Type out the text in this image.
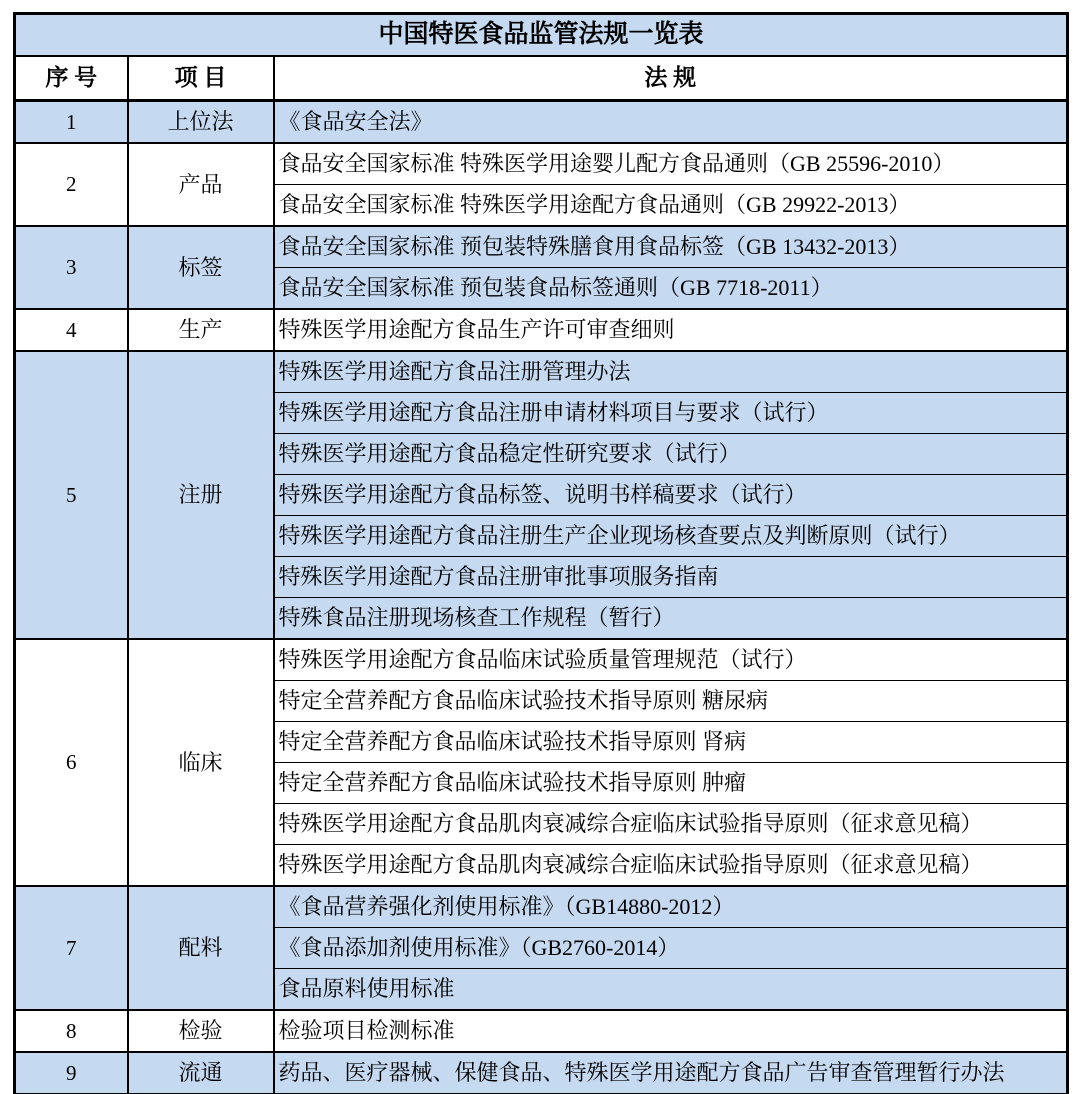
中国特医食品监管法规一览表		
序 号	项 目	法 规
1	上位法	《食品安全法》
2	产品	食品安全国家标准 特殊医学用途婴儿配方食品通则（GB 25596-2010）
		食品安全国家标准 特殊医学用途配方食品通则（GB 29922-2013）
3	标签	食品安全国家标准 预包装特殊膳食用食品标签（GB 13432-2013）
		食品安全国家标准 预包装食品标签通则（GB 7718-2011）
4	生产	特殊医学用途配方食品生产许可审查细则
5	注册	特殊医学用途配方食品注册管理办法
		特殊医学用途配方食品注册申请材料项目与要求（试行）
		特殊医学用途配方食品稳定性研究要求（试行）
		特殊医学用途配方食品标签、说明书样稿要求（试行）
		特殊医学用途配方食品注册生产企业现场核查要点及判断原则（试行）
		特殊医学用途配方食品注册审批事项服务指南
		特殊食品注册现场核查工作规程（暂行）
6	临床	特殊医学用途配方食品临床试验质量管理规范（试行）
		特定全营养配方食品临床试验技术指导原则 糖尿病
		特定全营养配方食品临床试验技术指导原则 肾病
		特定全营养配方食品临床试验技术指导原则 肿瘤
		特殊医学用途配方食品肌肉衰减综合症临床试验指导原则（征求意见稿）
		特殊医学用途配方食品肌肉衰减综合症临床试验指导原则（征求意见稿）
7	配料	《食品营养强化剂使用标准》（GB14880-2012）
		《食品添加剂使用标准》（GB2760-2014）
		食品原料使用标准
8	检验	检验项目检测标准
9	流通	药品、医疗器械、保健食品、特殊医学用途配方食品广告审查管理暂行办法
